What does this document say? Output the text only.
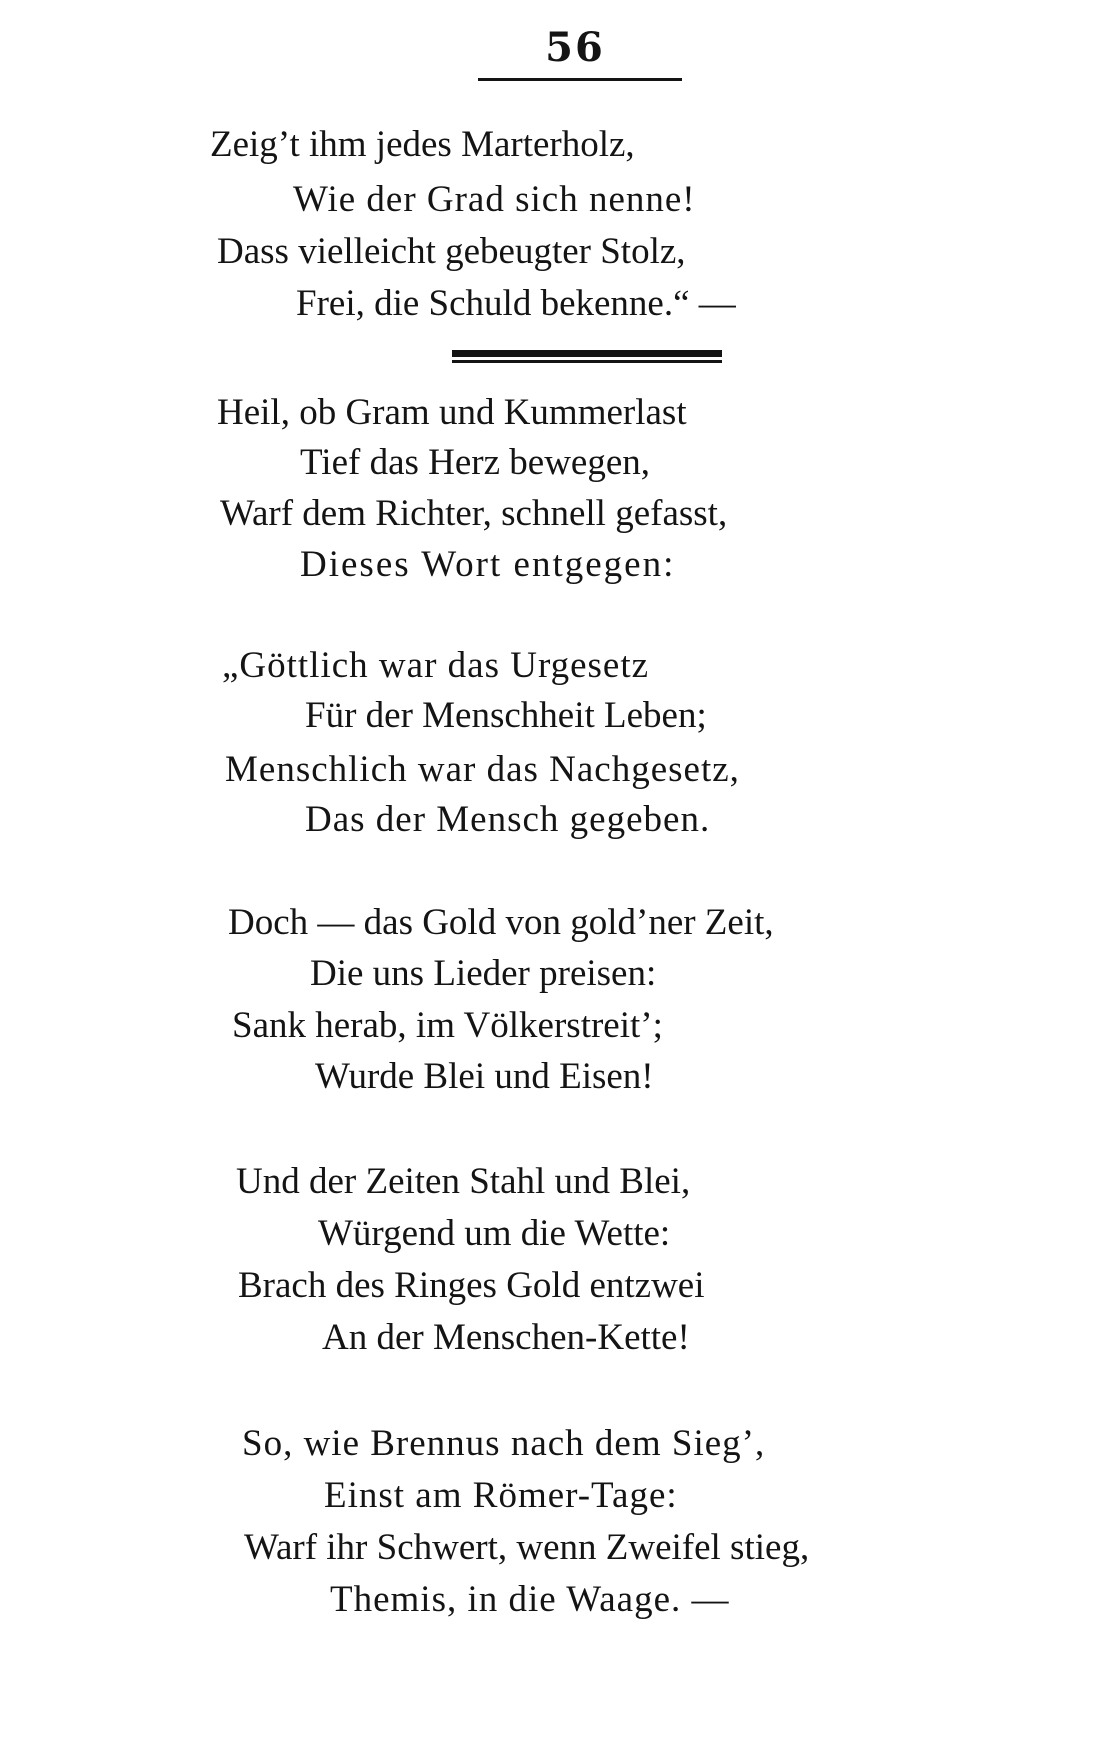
56
Zeig’t ihm jedes Marterholz,
Wie der Grad sich nenne!
Dass vielleicht gebeugter Stolz,
Frei, die Schuld bekenne.“ —
Heil, ob Gram und Kummerlast
Tief das Herz bewegen,
Warf dem Richter, schnell gefasst,
Dieses Wort entgegen:
„Göttlich war das Urgesetz
Für der Menschheit Leben;
Menschlich war das Nachgesetz,
Das der Mensch gegeben.
Doch — das Gold von gold’ner Zeit,
Die uns Lieder preisen:
Sank herab, im Völkerstreit’;
Wurde Blei und Eisen!
Und der Zeiten Stahl und Blei,
Würgend um die Wette:
Brach des Ringes Gold entzwei
An der Menschen-Kette!
So, wie Brennus nach dem Sieg’,
Einst am Römer-Tage:
Warf ihr Schwert, wenn Zweifel stieg,
Themis, in die Waage. —
